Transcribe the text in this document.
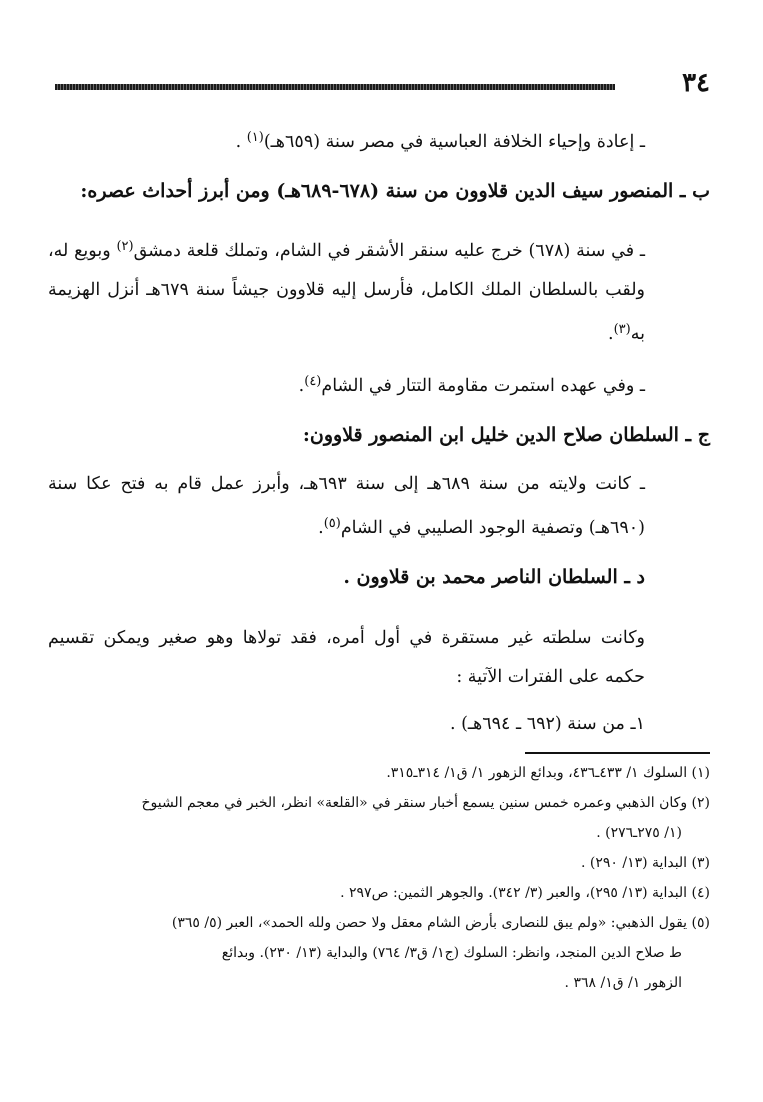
٣٤

ـ إعادة وإحياء الخلافة العباسية في مصر سنة (٦٥٩هـ)$^{(١)}$ .

ب ـ المنصور سيف الدين قلاوون من سنة (٦٧٨-٦٨٩هـ) ومن أبرز أحداث عصره:

ـ في سنة (٦٧٨) خرج عليه سنقر الأشقر في الشام، وتملك قلعة دمشق$^{(٢)}$ وبويع له، ولقب بالسلطان الملك الكامل، فأرسل إليه قلاوون جيشاً سنة ٦٧٩هـ أنزل الهزيمة به$^{(٣)}$.

ـ وفي عهده استمرت مقاومة التتار في الشام$^{(٤)}$.

ج ـ السلطان صلاح الدين خليل ابن المنصور قلاوون:

ـ كانت ولايته من سنة ٦٨٩هـ إلى سنة ٦٩٣هـ، وأبرز عمل قام به فتح عكا سنة (٦٩٠هـ) وتصفية الوجود الصليبي في الشام$^{(٥)}$.

د ـ السلطان الناصر محمد بن قلاوون .

وكانت سلطته غير مستقرة في أول أمره، فقد تولاها وهو صغير ويمكن تقسيم حكمه على الفترات الآتية :

١ـ من سنة (٦٩٢ ـ ٦٩٤هـ) .

(١) السلوك ١/ ٤٣٣ـ٤٣٦، وبدائع الزهور ١/ ق١/ ٣١٤ـ٣١٥.

(٢) وكان الذهبي وعمره خمس سنين يسمع أخبار سنقر في «القلعة» انظر، الخبر في معجم الشيوخ

(١/ ٢٧٥ـ٢٧٦) .

(٣) البداية (١٣/ ٢٩٠) .

(٤) البداية (١٣/ ٢٩٥)، والعبر (٣/ ٣٤٢). والجوهر الثمين: ص٢٩٧ .

(٥) يقول الذهبي: «ولم يبق للنصارى بأرض الشام معقل ولا حصن ولله الحمد»، العبر (٥/ ٣٦٥)

ط صلاح الدين المنجد، وانظر: السلوك (ج١/ ق٣/ ٧٦٤) والبداية (١٣/ ٢٣٠). وبدائع

الزهور ١/ ق١/ ٣٦٨ .
